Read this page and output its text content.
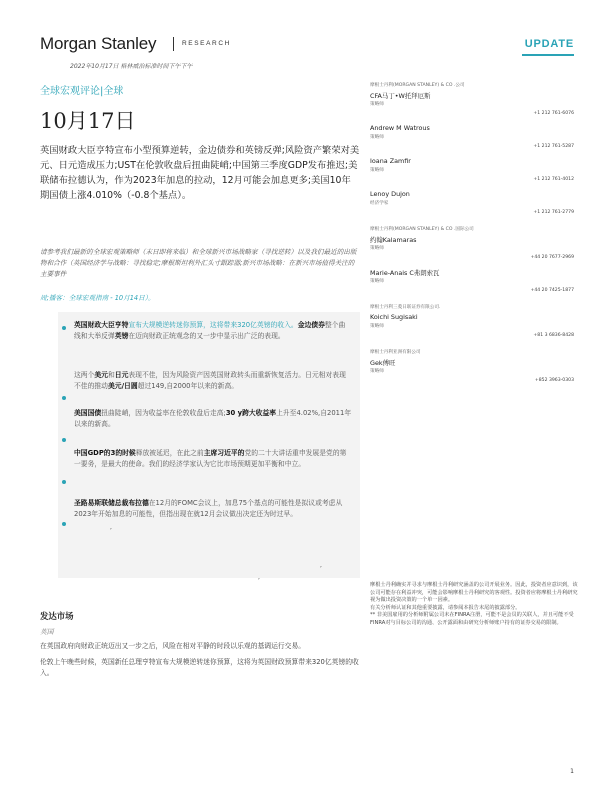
Morgan Stanley	RESEARCH	UPDATE
2022年10月17日 格林威治标准时间下午下午
全球宏观评论|全球
10月17日
英国财政大臣亨特宣布小型预算逆转，金边债券和英镑反弹;风险资产繁荣对美元、日元造成压力;UST在伦敦收盘后扭曲陡峭;中国第三季度GDP发布推迟;美联储布拉德认为，作为2023年加息的拉动，12月可能会加息更多;美国10年期国债上涨4.010%（-0.8个基点）。
请参考我们最新的全球宏观策略师（末日即将来临）和全球新兴市场战略家（寻找逆转）以及我们最近的出版物和合作（英国经济学与战略：寻找稳定;摩根斯坦利外汇头寸跟踪器;新兴市场战略：在新兴市场值得关注的主要事件
周;播客：全球宏观指南 - 10月14日）。
英国财政大臣亨特宣布大规模逆转迷你预算，这将带来320亿英镑的收入。金边债券整个曲线和大举反弹英镑在迈向财政正统观念的又一步中显示出广泛的表现。
这两个美元和日元表现不佳，因为风险资产因英国财政转头而重新恢复活力。日元相对表现不佳的推动美元/日圆超过149,自2000年以来的新高。
美国国债扭曲陡峭，因为收益率在伦敦收盘后走高;30 y跨大收益率上升至4.02%,自2011年以来的新高。
中国GDP的3的时候释放被延迟，在此之前主席习近平的党的二十大讲话重申发展是党的第一要务，是最大的使命。我们的经济学家认为它比市场预期更加平衡和中立。
圣路易斯联储总裁布拉德在12月的FOMC会议上，加息75个基点的可能性是拟议或考虑从2023年开始加息的可能性，但指出现在就12月会议做出决定还为时过早。
,
,
,
摩根士丹利(MORGAN STANLEY) & CO .公司
CFA马丁•W托拜厄斯
策略师
+1 212 761-6076
Andrew M Watrous
策略师
+1 212 761-5287
Ioana Zamfir
策略师
+1 212 761-4012
Lenoy Dujon
经济学家
+1 212 761-2779
摩根士丹利(MORGAN STANLEY) & CO .国际公司
约翰Kalamaras
策略师
+44 20 7677-2969
Marie-Anais C弗朗索瓦
策略师
+44 20 7425-1877
摩根士丹利三菱日联证券有限公司.
Koichi Sugisaki
策略师
+81 3 6836-8428
摩根士丹利亚洲有限公司
Gek傅旺
策略师
+852 3963-0303
摩根士丹利确实并寻求与摩根士丹利研究涵盖的公司开展业务。因此，投资者应意识到，该公司可能存在利益冲突，可能会影响摩根士丹利研究的客观性。投资者应将摩根士丹利研究视为做出投资决策的一个单一因素。
有关分析师认证和其他重要披露，请参阅本报告末尾的披露部分。
** 非美国雇用的分析师附属公司未在FINRA注册，可能不是会员的关联人，并且可能不受FINRA对与目标公司的沟通、公开露面和由研究分析师账户持有的证券交易的限制。
发达市场
英国
在英国政府向财政正统迈出又一步之后，风险在相对平静的时段以乐观的基调运行交易。
伦敦上午晚些时候，英国新任总理亨特宣布大规模逆转迷你预算，这将为英国财政预算带来320亿英镑的收入。
1
